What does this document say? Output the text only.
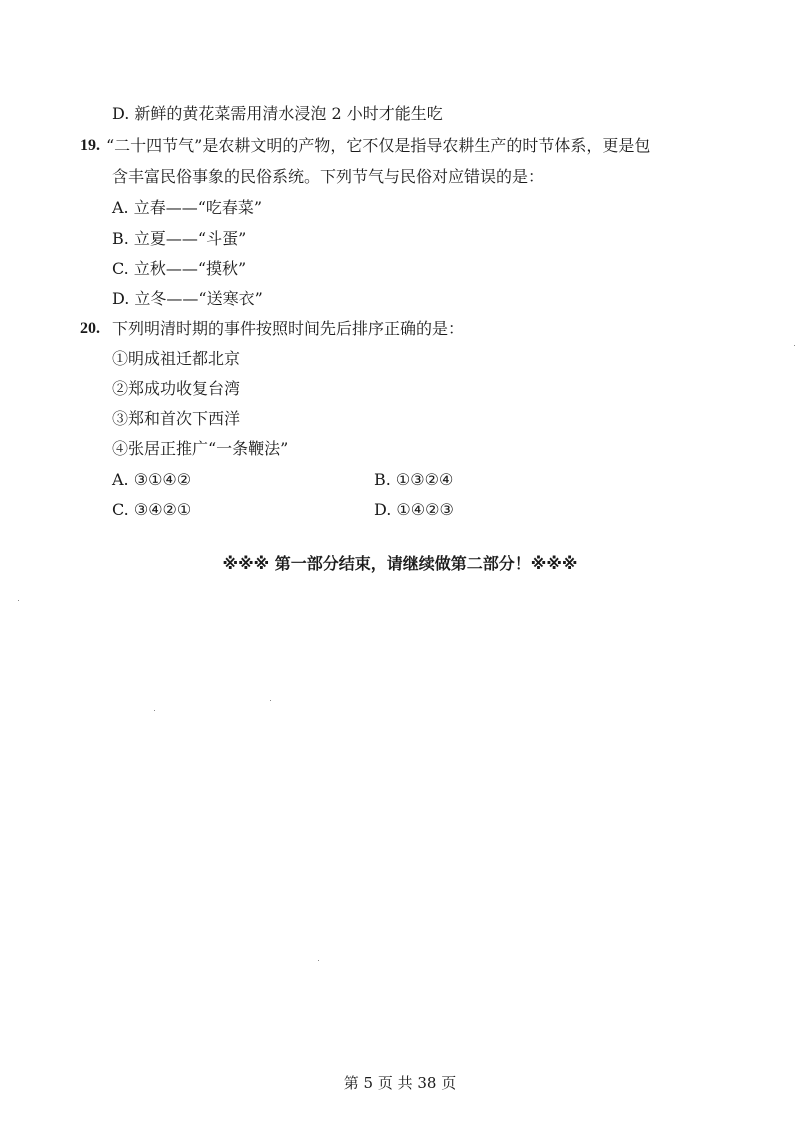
D. 新鲜的黄花菜需用清水浸泡 2 小时才能生吃
19. “二十四节气”是农耕文明的产物，它不仅是指导农耕生产的时节体系，更是包
含丰富民俗事象的民俗系统。下列节气与民俗对应错误的是：
A. 立春——“吃春菜”
B. 立夏——“斗蛋”
C. 立秋——“摸秋”
D. 立冬——“送寒衣”
20. 下列明清时期的事件按照时间先后排序正确的是：
①明成祖迁都北京
②郑成功收复台湾
③郑和首次下西洋
④张居正推广“一条鞭法”
A. ③①④②	B. ①③②④
C. ③④②①	D. ①④②③
※※※ 第一部分结束，请继续做第二部分！※※※
第 5 页 共 38 页
